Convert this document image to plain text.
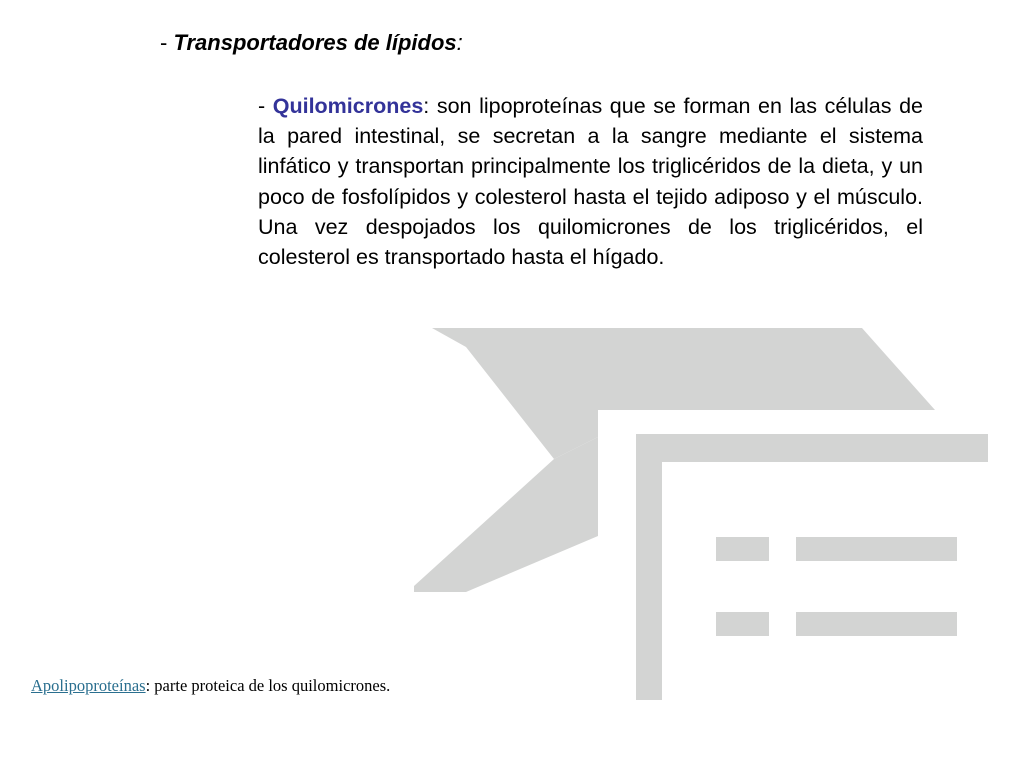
- Transportadores de lípidos:
- Quilomicrones: son lipoproteínas que se forman en las células de la pared intestinal, se secretan a la sangre mediante el sistema linfático y transportan principalmente los triglicéridos de la dieta, y un poco de fosfolípidos y colesterol hasta el tejido adiposo y el músculo. Una vez despojados los quilomicrones de los triglicéridos, el colesterol es transportado hasta el hígado.
Apolipoproteínas: parte proteica de los quilomicrones.
